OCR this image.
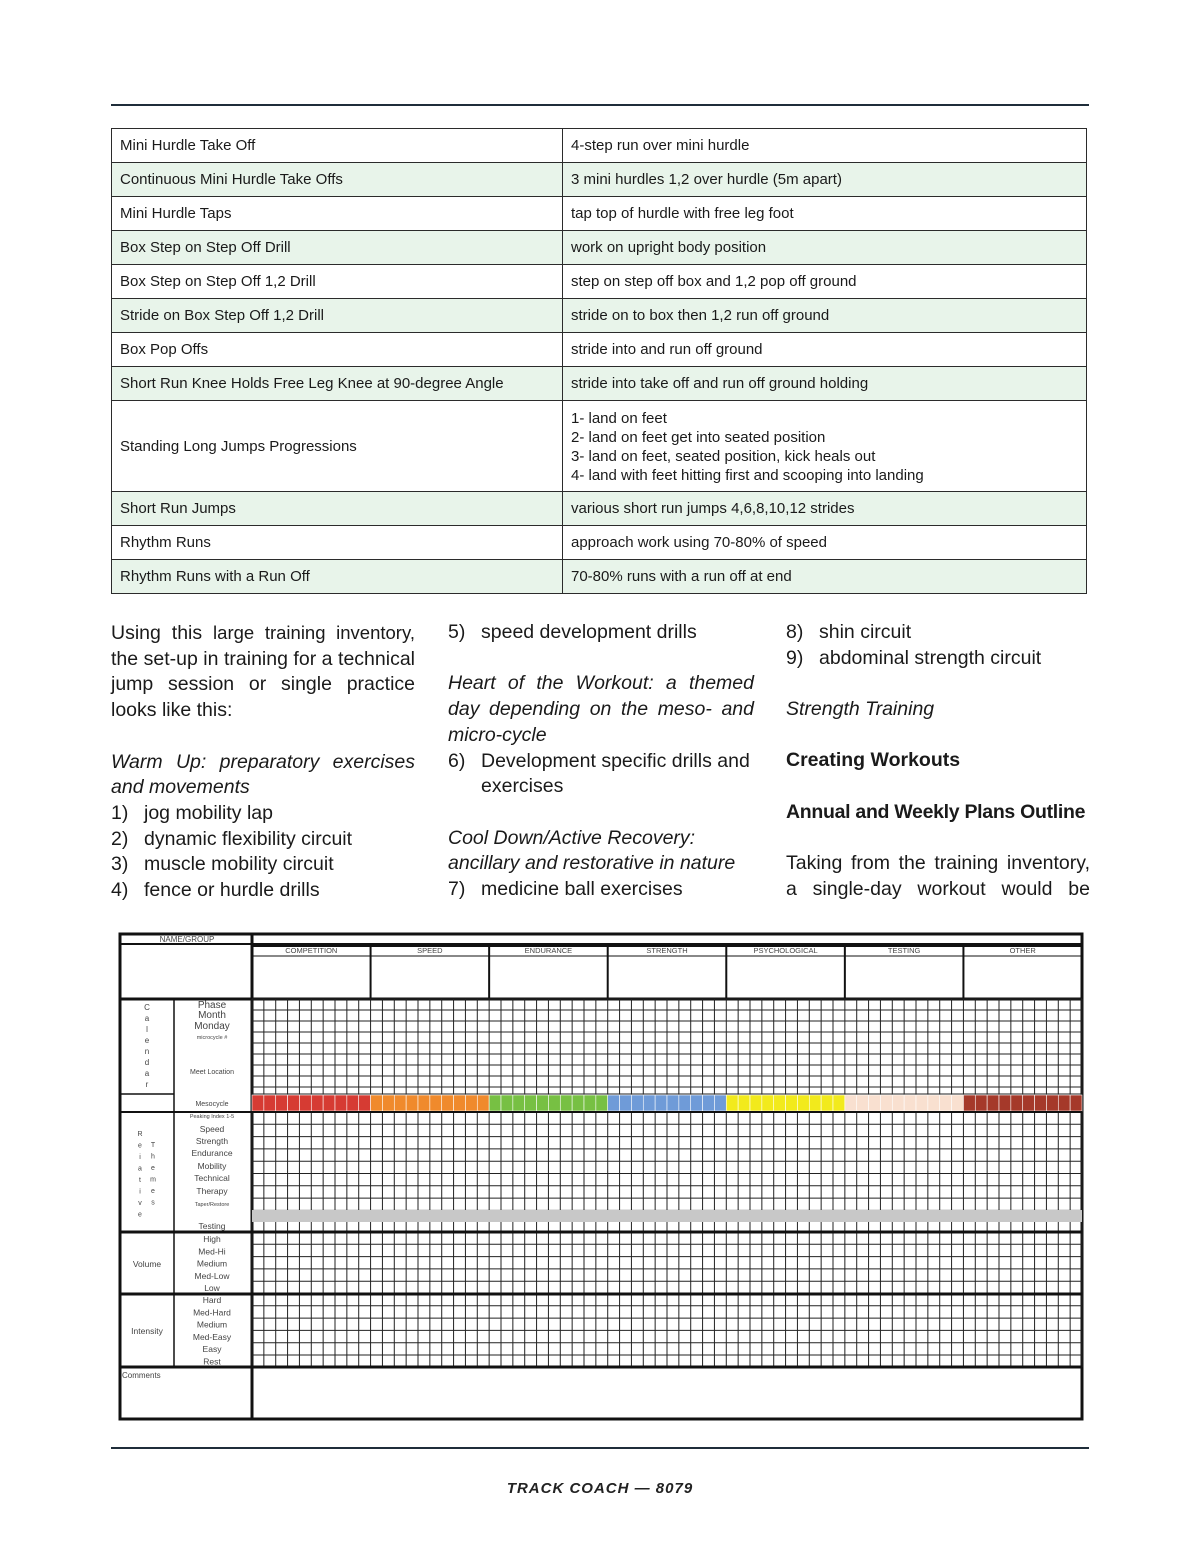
Mini Hurdle Take Off	4-step run over mini hurdle

Continuous Mini Hurdle Take Offs	3 mini hurdles 1,2 over hurdle (5m apart)

Mini Hurdle Taps	tap top of hurdle with free leg foot

Box Step on Step Off Drill	work on upright body position

Box Step on Step Off 1,2 Drill	step on step off box and 1,2 pop off ground

Stride on Box Step Off 1,2 Drill	stride on to box then 1,2 run off ground

Box Pop Offs	stride into and run off ground

Short Run Knee Holds Free Leg Knee at 90-degree Angle	stride into take off and run off ground holding

Standing Long Jumps Progressions	1- land on feet
2- land on feet get into seated position
3- land on feet, seated position, kick heals out
4- land with feet hitting first and scooping into landing

Short Run Jumps	various short run jumps 4,6,8,10,12 strides

Rhythm Runs	approach work using 70-80% of speed

Rhythm Runs with a Run Off	70-80% runs with a run off at end

Using this large training inventory, the set-up in training for a technical jump session or single practice looks like this:

Warm Up: preparatory exercises and movements

1) jog mobility lap
2) dynamic flexibility circuit
3) muscle mobility circuit
4) fence or hurdle drills
5) speed development drills

Heart of the Workout: a themed day depending on the meso- and micro-cycle

6) Development specific drills and exercises

Cool Down/Active Recovery: ancillary and restorative in nature

7) medicine ball exercises
8) shin circuit
9) abdominal strength circuit

Strength Training

Creating Workouts

Annual and Weekly Plans Outline

Taking from the training inventory,

a single-day workout would be

NAME/GROUP
COMPETITION	SPEED	ENDURANCE	STRENGTH	PSYCHOLOGICAL	TESTING	OTHER
C
a
l
e
n
d
a
r
Phase
Month
Monday
microcycle #
Meet Location
Mesocycle
R
e
i
a
t
i
v
e
T
h
e
m
e
s
Peaking Index 1-5
Speed
Strength
Endurance
Mobility
Technical
Therapy
Taper/Restore
Testing
Volume
High
Med-Hi
Medium
Med-Low
Low
Intensity
Hard
Med-Hard
Medium
Med-Easy
Easy
Rest
Comments
TRACK COACH — 8079
